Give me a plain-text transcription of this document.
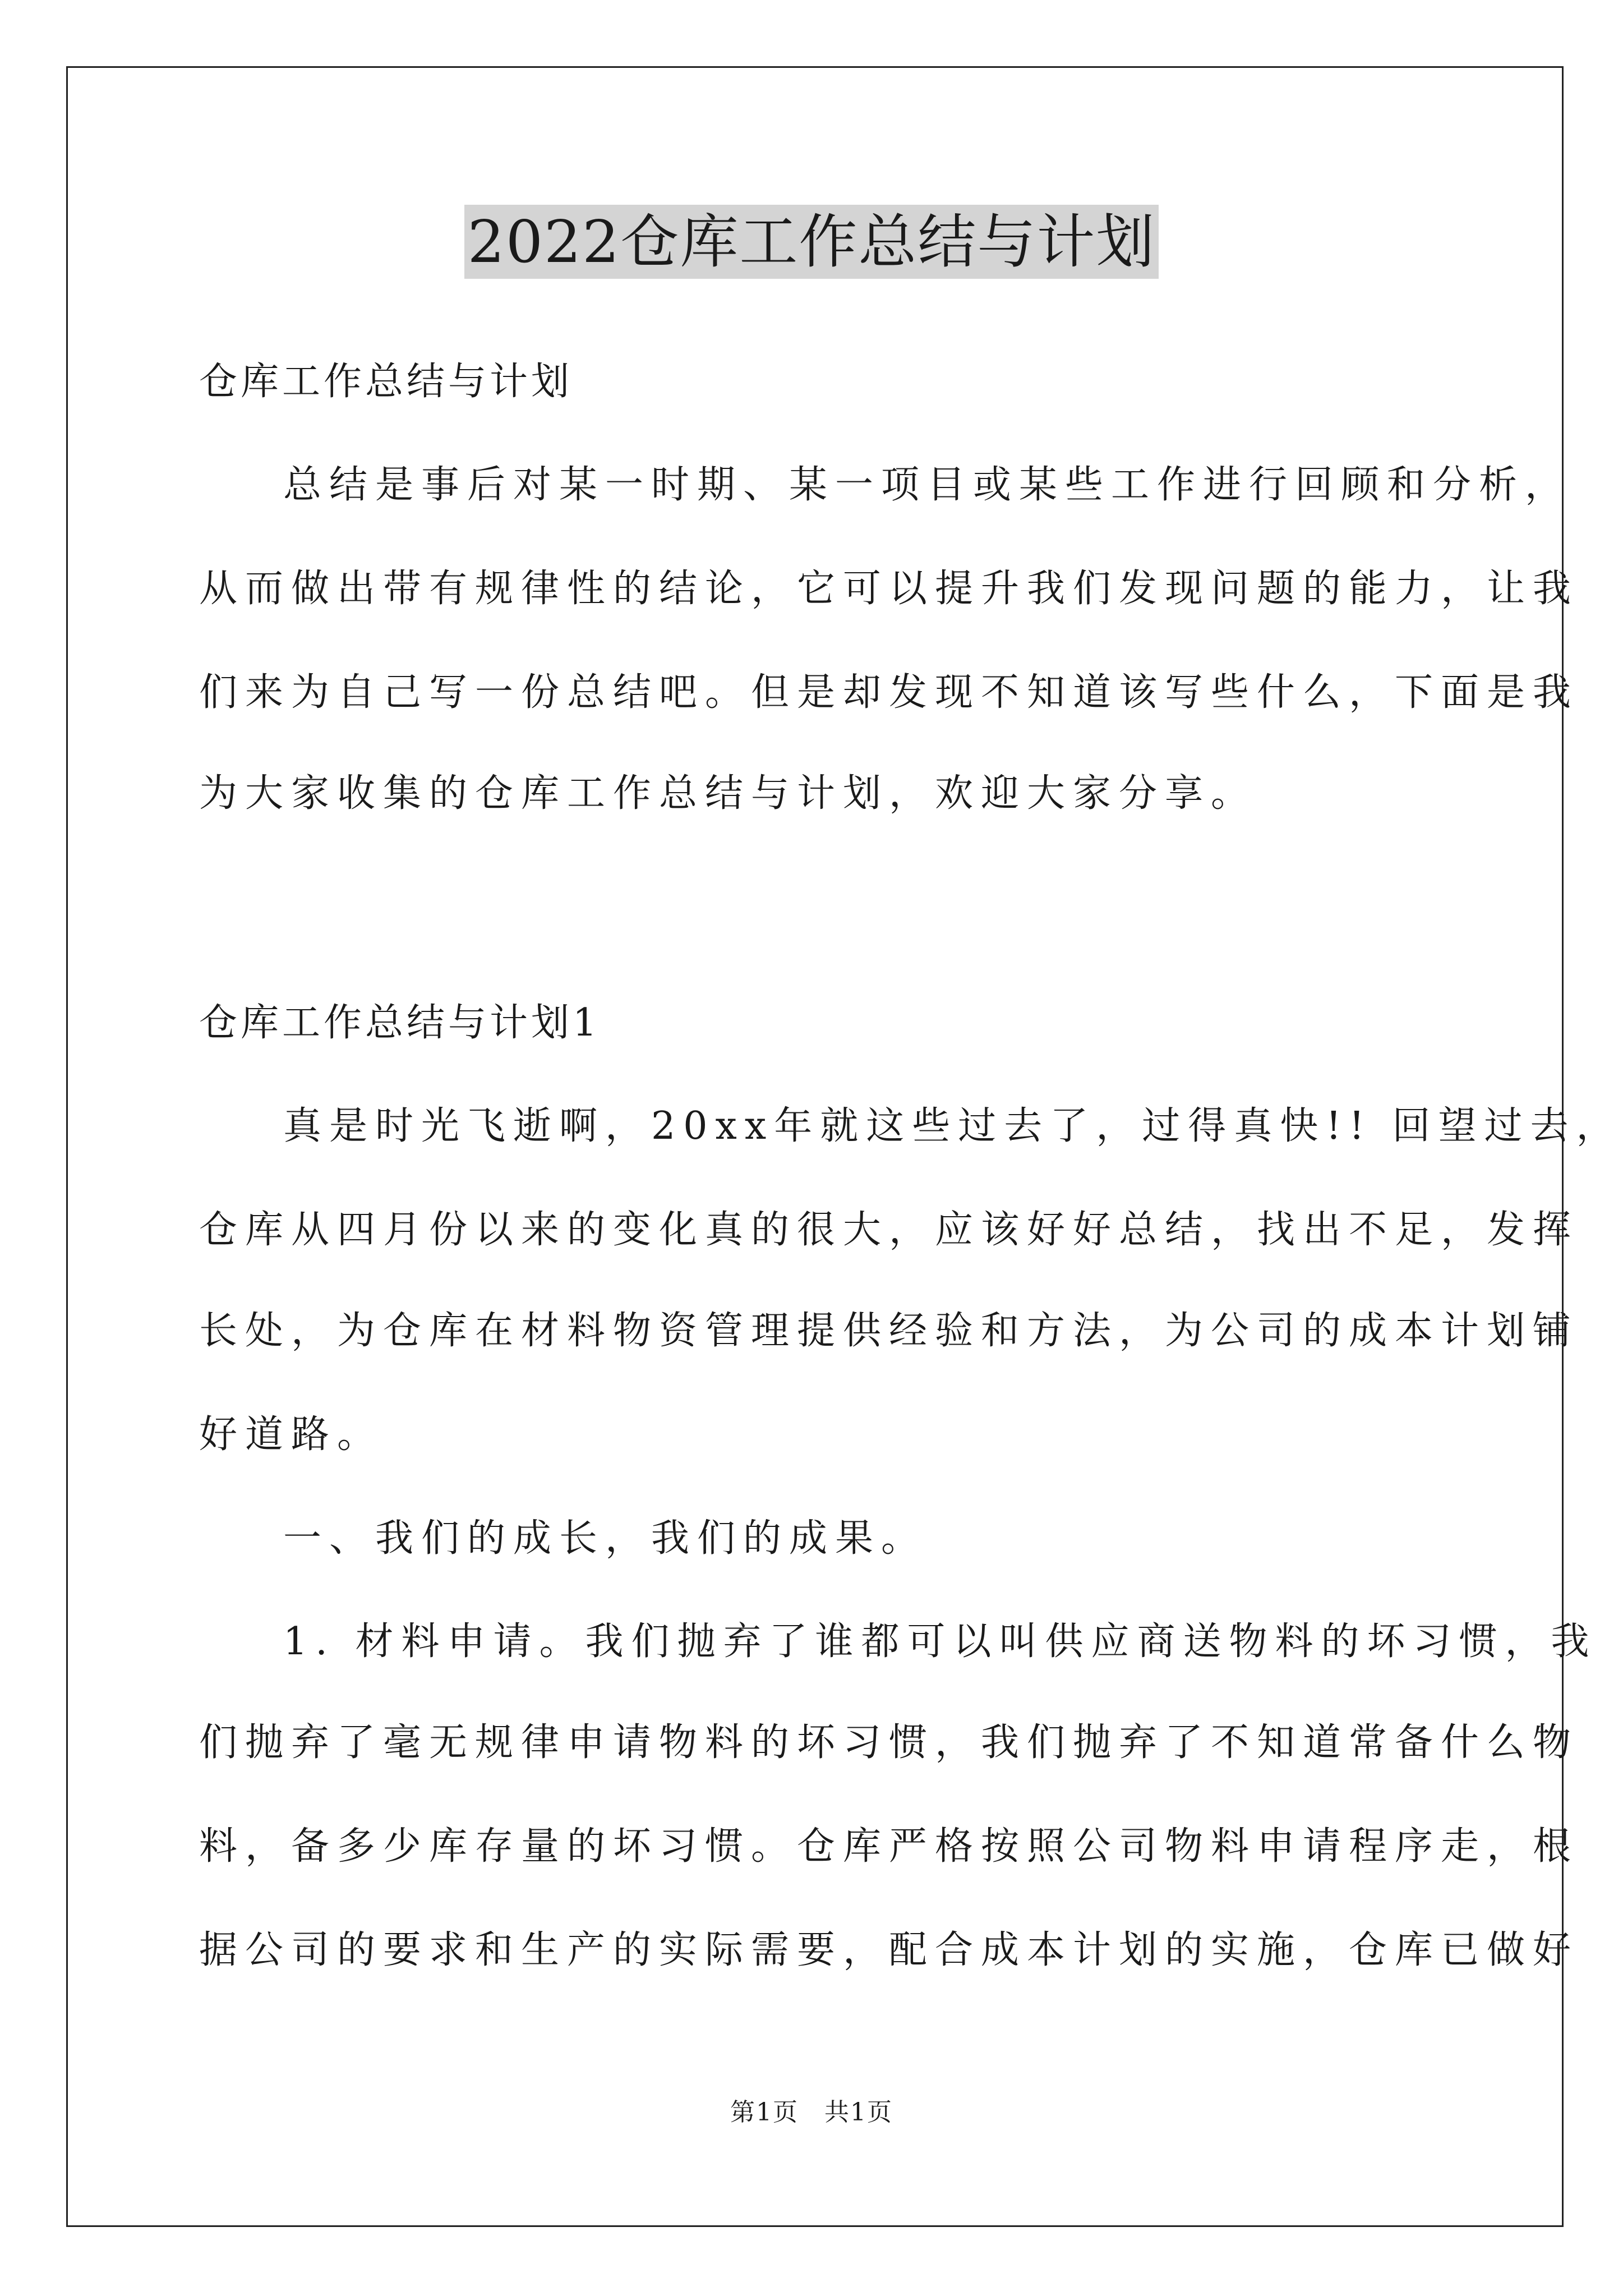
2022仓库工作总结与计划
仓库工作总结与计划
总结是事后对某一时期、某一项目或某些工作进行回顾和分析，
从而做出带有规律性的结论，它可以提升我们发现问题的能力，让我
们来为自己写一份总结吧。但是却发现不知道该写些什么，下面是我
为大家收集的仓库工作总结与计划，欢迎大家分享。
仓库工作总结与计划1
真是时光飞逝啊，20xx年就这些过去了，过得真快!! 回望过去，
仓库从四月份以来的变化真的很大，应该好好总结，找出不足，发挥
长处，为仓库在材料物资管理提供经验和方法，为公司的成本计划铺
好道路。
一、我们的成长，我们的成果。
1. 材料申请。我们抛弃了谁都可以叫供应商送物料的坏习惯，我
们抛弃了毫无规律申请物料的坏习惯，我们抛弃了不知道常备什么物
料，备多少库存量的坏习惯。仓库严格按照公司物料申请程序走，根
据公司的要求和生产的实际需要，配合成本计划的实施，仓库已做好
第1页　共1页
